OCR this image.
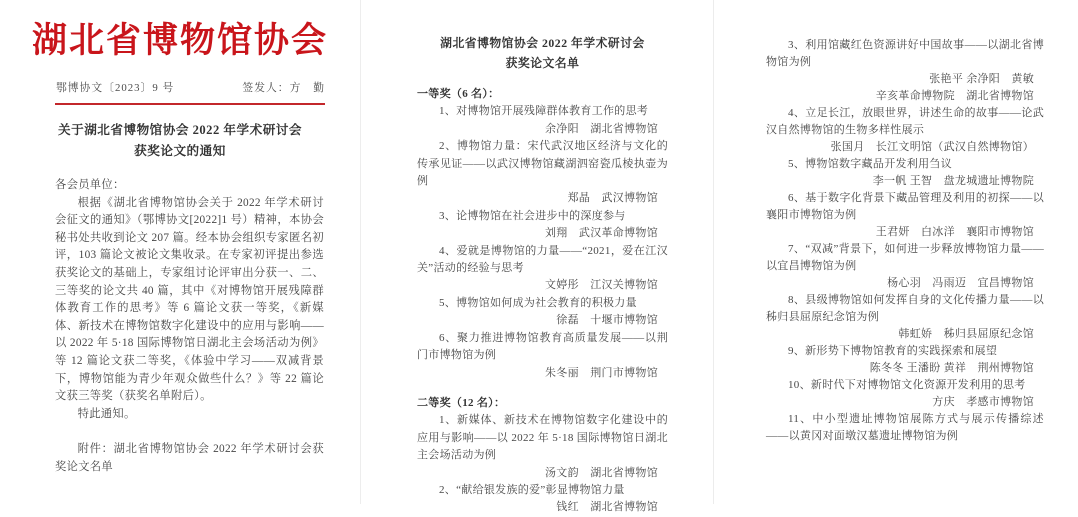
湖北省博物馆协会
鄂博协文〔2023〕9 号	签发人：方　勤
关于湖北省博物馆协会 2022 年学术研讨会
获奖论文的通知

各会员单位：

根据《湖北省博物馆协会关于 2022 年学术研讨会征文的通知》（鄂博协文[2022]1 号）精神，本协会秘书处共收到论文 207 篇。经本协会组织专家匿名初评，103 篇论文被论文集收录。在专家初评提出参选获奖论文的基础上，专家组讨论评审出分获一、二、三等奖的论文共 40 篇，其中《对博物馆开展残障群体教育工作的思考》等 6 篇论文获一等奖，《新媒体、新技术在博物馆数字化建设中的应用与影响——以 2022 年 5·18 国际博物馆日湖北主会场活动为例》等 12 篇论文获二等奖，《体验中学习——双减背景下，博物馆能为青少年观众做些什么？》等 22 篇论文获三等奖（获奖名单附后）。

特此通知。

附件：湖北省博物馆协会 2022 年学术研讨会获奖论文名单

湖北省博物馆协会 2022 年学术研讨会
获奖论文名单

一等奖（6 名）：

1、对博物馆开展残障群体教育工作的思考

余净阳　湖北省博物馆

2、博物馆力量：宋代武汉地区经济与文化的传承见证——以武汉博物馆藏湖泗窑瓷瓜棱执壶为例

郑晶　武汉博物馆

3、论博物馆在社会进步中的深度参与

刘翔　武汉革命博物馆

4、爱就是博物馆的力量——“2021，爱在江汉关”活动的经验与思考

文婷彤　江汉关博物馆

5、博物馆如何成为社会教育的积极力量

徐磊　十堰市博物馆

6、聚力推进博物馆教育高质量发展——以荆门市博物馆为例

朱冬丽　荆门市博物馆

二等奖（12 名）：

1、新媒体、新技术在博物馆数字化建设中的应用与影响——以 2022 年 5·18 国际博物馆日湖北主会场活动为例

汤文韵　湖北省博物馆

2、“献给银发族的爱”彰显博物馆力量

钱红　湖北省博物馆

3、利用馆藏红色资源讲好中国故事——以湖北省博物馆为例

张艳平 余净阳　黄敏
辛亥革命博物院　湖北省博物馆

4、立足长江，放眼世界，讲述生命的故事——论武汉自然博物馆的生物多样性展示

张国月　长江文明馆（武汉自然博物馆）

5、博物馆数字藏品开发利用刍议

李一帆 王智　盘龙城遗址博物院

6、基于数字化背景下藏品管理及利用的初探——以襄阳市博物馆为例

王君妍　白冰洋　襄阳市博物馆

7、“双减”背景下，如何进一步释放博物馆力量——以宜昌博物馆为例

杨心羽　冯雨迈　宜昌博物馆

8、县级博物馆如何发挥自身的文化传播力量——以秭归县屈原纪念馆为例

韩虹娇　秭归县屈原纪念馆

9、新形势下博物馆教育的实践探索和展望

陈冬冬 王潘盼 黄祥　荆州博物馆

10、新时代下对博物馆文化资源开发利用的思考

方庆　孝感市博物馆

11、中小型遗址博物馆展陈方式与展示传播综述——以黄冈对面墩汉墓遗址博物馆为例
